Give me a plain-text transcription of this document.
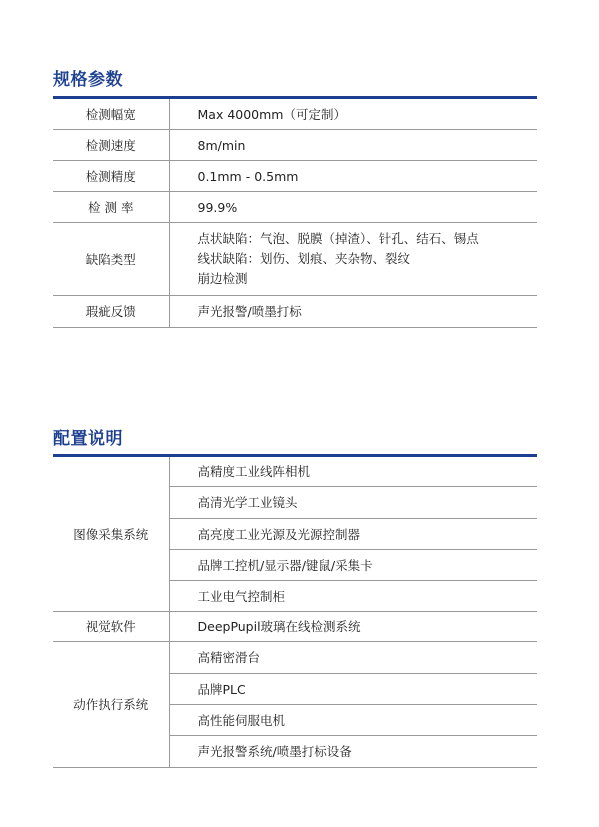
规格参数
检测幅宽	Max 4000mm（可定制）
检测速度	8m/min
检测精度	0.1mm - 0.5mm
检 测 率	99.9%
缺陷类型	点状缺陷：气泡、脱膜（掉渣）、针孔、结石、锡点
线状缺陷：划伤、划痕、夹杂物、裂纹
崩边检测

瑕疵反馈	声光报警/喷墨打标
配置说明
图像采集系统	高精度工业线阵相机
	高清光学工业镜头
	高亮度工业光源及光源控制器
	品牌工控机/显示器/键鼠/采集卡
	工业电气控制柜
视觉软件	DeepPupil玻璃在线检测系统
动作执行系统	高精密滑台
	品牌PLC
	高性能伺服电机
	声光报警系统/喷墨打标设备
